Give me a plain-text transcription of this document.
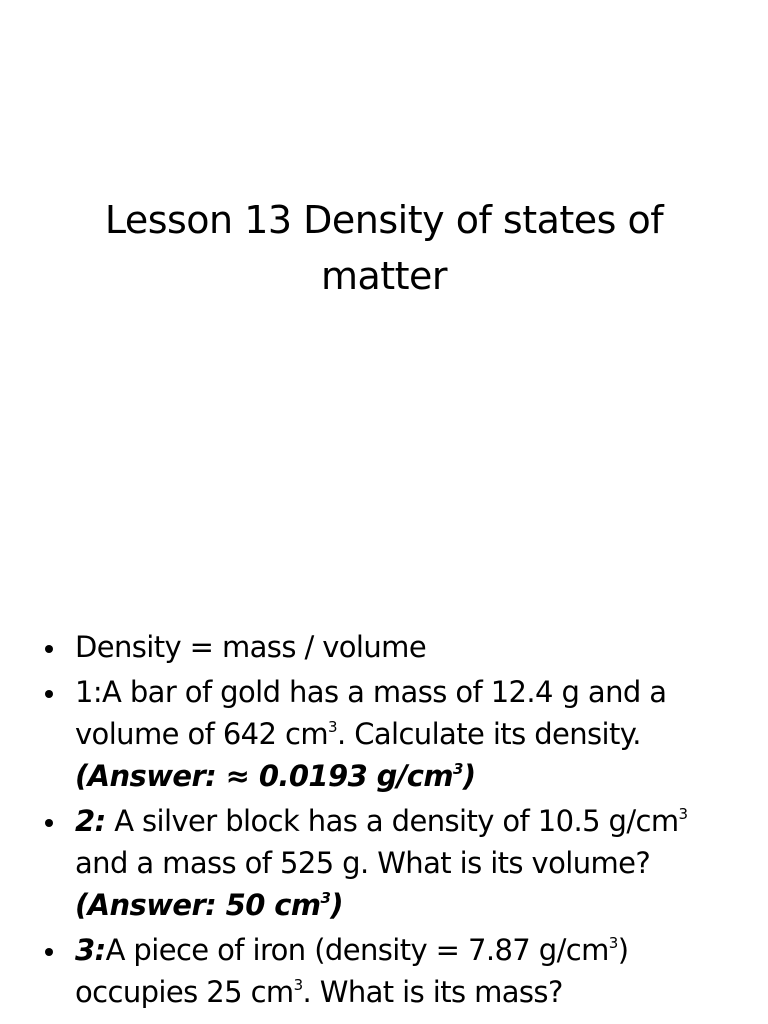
Lesson 13 Density of states of
matter
Density = mass / volume
1:A bar of gold has a mass of 12.4 g and a
volume of 642 $cm^3$. Calculate its density.
(Answer: ≈ 0.0193 $g/cm^3$)
2: A silver block has a density of 10.5 $g/cm^3$
and a mass of 525 g. What is its volume?
(Answer: 50 $cm^3$)
3:A piece of iron (density = 7.87 $g/cm^3$)
occupies 25 $cm^3$. What is its mass?
